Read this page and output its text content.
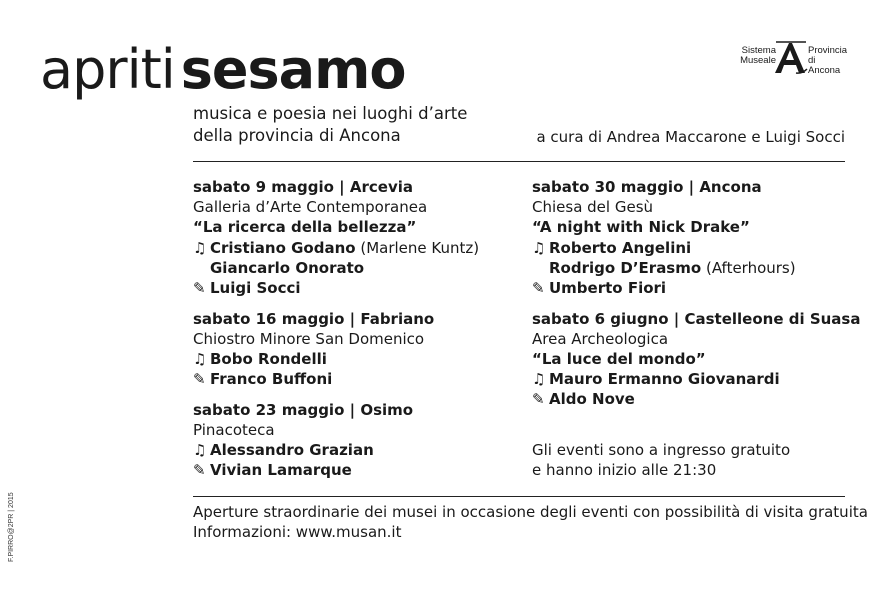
apriti sesamo	Sistema
Museale
Provincia
di Ancona
musica e poesia nei luoghi d’arte
della provincia di Ancona	a cura di Andrea Maccarone e Luigi Socci
sabato 9 maggio | Arcevia
Galleria d’Arte Contemporanea
“La ricerca della bellezza”
♫ Cristiano Godano (Marlene Kuntz)
Giancarlo Onorato
✎ Luigi Socci
sabato 16 maggio | Fabriano
Chiostro Minore San Domenico
♫ Bobo Rondelli
✎ Franco Buffoni
sabato 23 maggio | Osimo
Pinacoteca
♫ Alessandro Grazian
✎ Vivian Lamarque
sabato 30 maggio | Ancona
Chiesa del Gesù
“A night with Nick Drake”
♫ Roberto Angelini
Rodrigo D’Erasmo (Afterhours)
✎ Umberto Fiori
sabato 6 giugno | Castelleone di Suasa
Area Archeologica
“La luce del mondo”
♫ Mauro Ermanno Giovanardi
✎ Aldo Nove
Gli eventi sono a ingresso gratuito
e hanno inizio alle 21:30
Aperture straordinarie dei musei in occasione degli eventi con possibilità di visita gratuita
Informazioni: www.musan.it
F.PIRRO@2PR | 2015
